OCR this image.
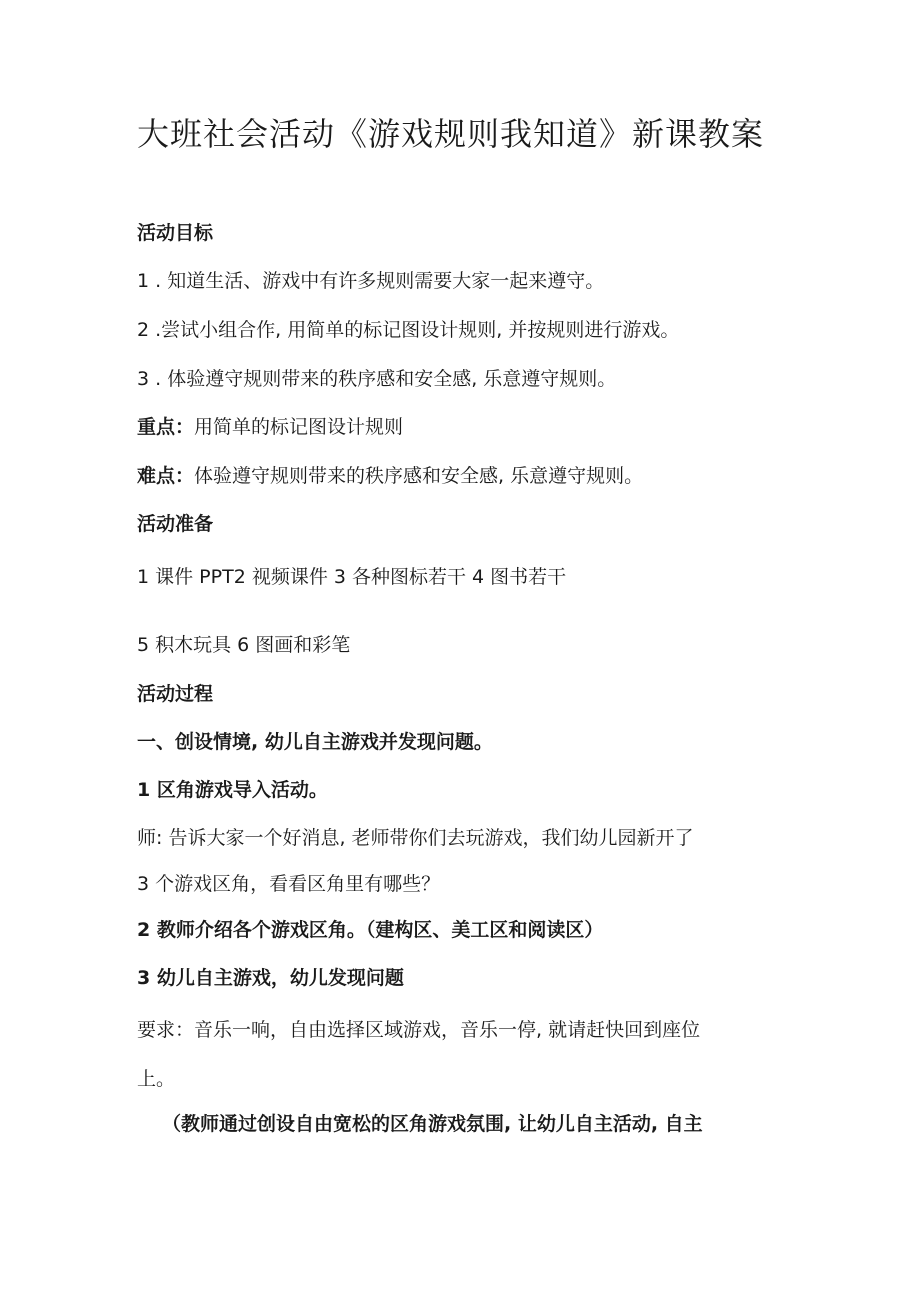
大班社会活动《游戏规则我知道》新课教案
活动目标
1 . 知道生活、游戏中有许多规则需要大家一起来遵守。
2 .尝试小组合作, 用简单的标记图设计规则, 并按规则进行游戏。
3 . 体验遵守规则带来的秩序感和安全感, 乐意遵守规则。
重点：用简单的标记图设计规则
难点：体验遵守规则带来的秩序感和安全感, 乐意遵守规则。
活动准备
1 课件 PPT2 视频课件 3 各种图标若干 4 图书若干
5 积木玩具 6 图画和彩笔
活动过程
一、创设情境, 幼儿自主游戏并发现问题。
1 区角游戏导入活动。
师: 告诉大家一个好消息, 老师带你们去玩游戏，我们幼儿园新开了
3 个游戏区角，看看区角里有哪些？
2 教师介绍各个游戏区角。（建构区、美工区和阅读区）
3 幼儿自主游戏，幼儿发现问题
要求：音乐一响，自由选择区域游戏，音乐一停, 就请赶快回到座位
上。
（教师通过创设自由宽松的区角游戏氛围, 让幼儿自主活动, 自主
